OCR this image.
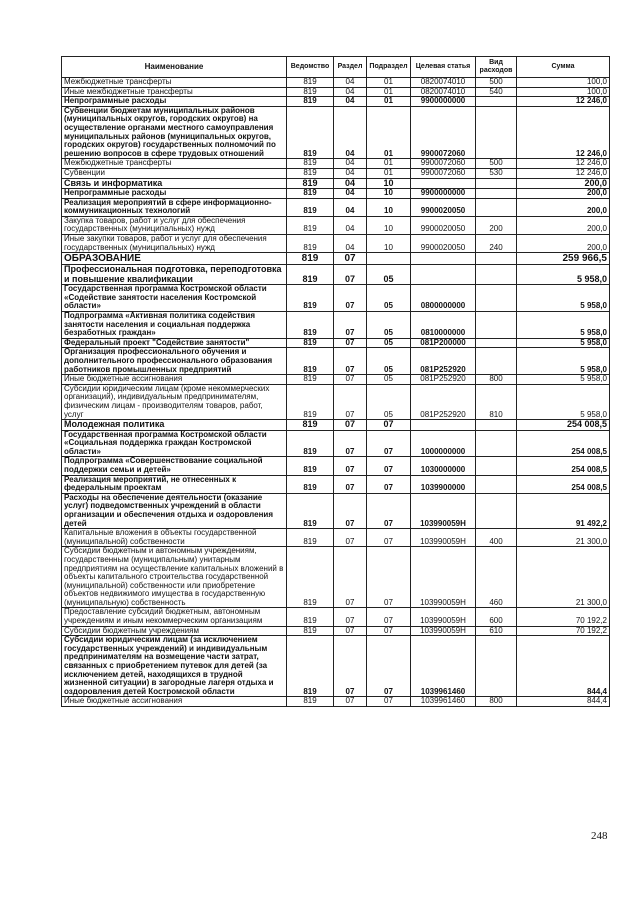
Наименование	Ведомство	Раздел	Подраздел	Целевая статья	Вид расходов	Сумма
Межбюджетные трансферты	819	04	01	0820074010	500	100,0
Иные межбюджетные трансферты	819	04	01	0820074010	540	100,0
Непрограммные расходы	819	04	01	9900000000		12 246,0
Субвенции бюджетам муниципальных районов (муниципальных округов, городских округов) на осуществление органами местного самоуправления муниципальных районов (муниципальных округов, городских округов) государственных полномочий по решению вопросов в сфере трудовых отношений	819	04	01	9900072060		12 246,0
Межбюджетные трансферты	819	04	01	9900072060	500	12 246,0
Субвенции	819	04	01	9900072060	530	12 246,0
Связь и информатика	819	04	10			200,0
Непрограммные расходы	819	04	10	9900000000		200,0
Реализация мероприятий в сфере информационно-коммуникационных технологий	819	04	10	9900020050		200,0
Закупка товаров, работ и услуг для обеспечения государственных (муниципальных) нужд	819	04	10	9900020050	200	200,0
Иные закупки товаров, работ и услуг для обеспечения государственных (муниципальных) нужд	819	04	10	9900020050	240	200,0
ОБРАЗОВАНИЕ	819	07				259 966,5
Профессиональная подготовка, переподготовка и повышение квалификации	819	07	05			5 958,0
Государственная программа Костромской области «Содействие занятости населения Костромской области»	819	07	05	0800000000		5 958,0
Подпрограмма «Активная политика содействия занятости населения и социальная поддержка безработных граждан»	819	07	05	0810000000		5 958,0
Федеральный проект "Содействие занятости"	819	07	05	081P200000		5 958,0
Организация профессионального обучения и дополнительного профессионального образования работников промышленных предприятий	819	07	05	081P252920		5 958,0
Иные бюджетные ассигнования	819	07	05	081P252920	800	5 958,0
Субсидии юридическим лицам (кроме некоммерческих организаций), индивидуальным предпринимателям, физическим лицам - производителям товаров, работ, услуг	819	07	05	081P252920	810	5 958,0
Молодежная политика	819	07	07			254 008,5
Государственная программа Костромской области «Социальная поддержка граждан Костромской области»	819	07	07	1000000000		254 008,5
Подпрограмма «Совершенствование социальной поддержки семьи и детей»	819	07	07	1030000000		254 008,5
Реализация мероприятий, не отнесенных к федеральным проектам	819	07	07	1039900000		254 008,5
Расходы на обеспечение деятельности (оказание услуг) подведомственных учреждений в области организации и обеспечения отдыха и оздоровления детей	819	07	07	103990059Н		91 492,2
Капитальные вложения в объекты государственной (муниципальной) собственности	819	07	07	103990059Н	400	21 300,0
Субсидии бюджетным и автономным учреждениям, государственным (муниципальным) унитарным предприятиям на осуществление капитальных вложений в объекты капитального строительства государственной (муниципальной) собственности или приобретение объектов недвижимого имущества в государственную (муниципальную) собственность	819	07	07	103990059Н	460	21 300,0
Предоставление субсидий бюджетным, автономным учреждениям и иным некоммерческим организациям	819	07	07	103990059Н	600	70 192,2
Субсидии бюджетным учреждениям	819	07	07	103990059Н	610	70 192,2
Субсидии юридическим лицам (за исключением государственных учреждений) и индивидуальным предпринимателям на возмещение части затрат, связанных с приобретением путевок для детей (за исключением детей, находящихся в трудной жизненной ситуации) в загородные лагеря отдыха и оздоровления детей Костромской области	819	07	07	1039961460		844,4
Иные бюджетные ассигнования	819	07	07	1039961460	800	844,4
248
